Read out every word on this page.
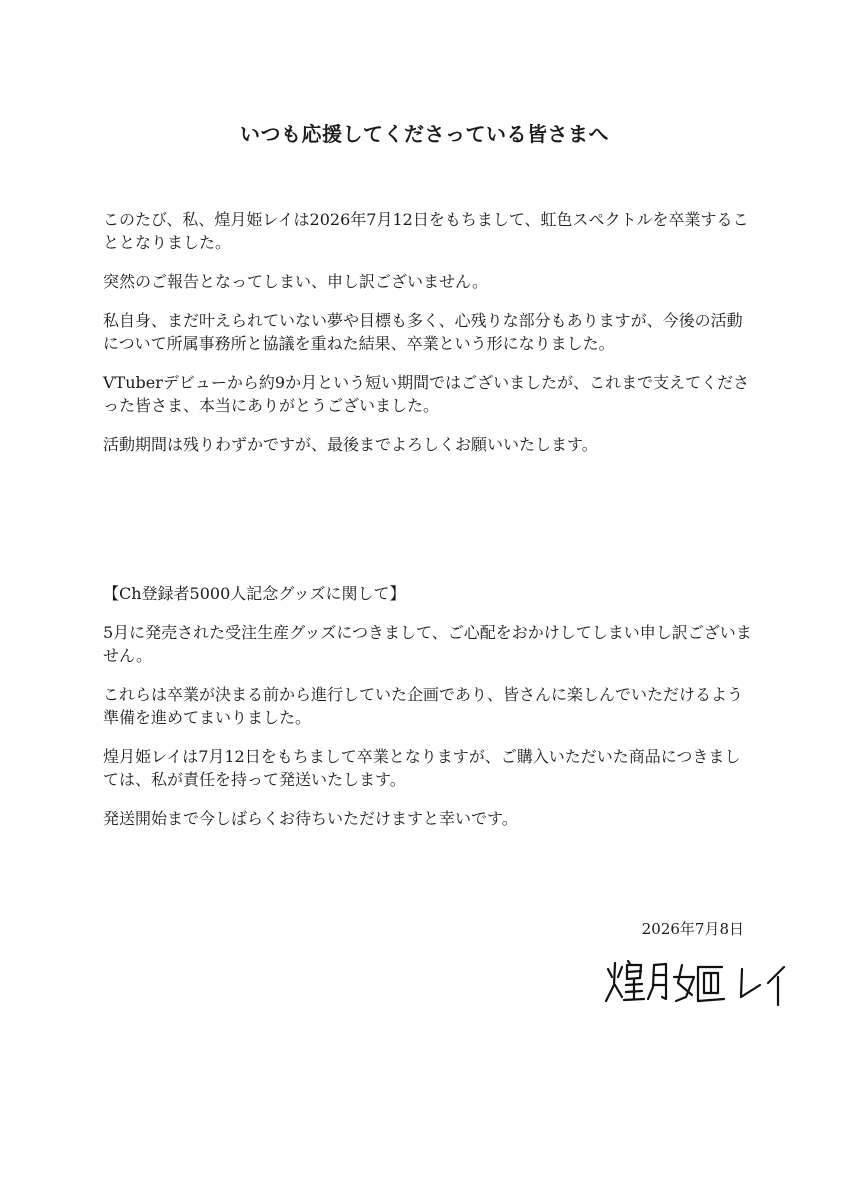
いつも応援してくださっている皆さまへ

このたび、私、煌月姫レイは2026年7月12日をもちまして、虹色スペクトルを卒業することとなりました。

突然のご報告となってしまい、申し訳ございません。

私自身、まだ叶えられていない夢や目標も多く、心残りな部分もありますが、今後の活動について所属事務所と協議を重ねた結果、卒業という形になりました。

VTuberデビューから約9か月という短い期間ではございましたが、これまで支えてくださった皆さま、本当にありがとうございました。

活動期間は残りわずかですが、最後までよろしくお願いいたします。

【Ch登録者5000人記念グッズに関して】

5月に発売された受注生産グッズにつきまして、ご心配をおかけしてしまい申し訳ございません。

これらは卒業が決まる前から進行していた企画であり、皆さんに楽しんでいただけるよう準備を進めてまいりました。

煌月姫レイは7月12日をもちまして卒業となりますが、ご購入いただいた商品につきましては、私が責任を持って発送いたします。

発送開始まで今しばらくお待ちいただけますと幸いです。

2026年7月8日
